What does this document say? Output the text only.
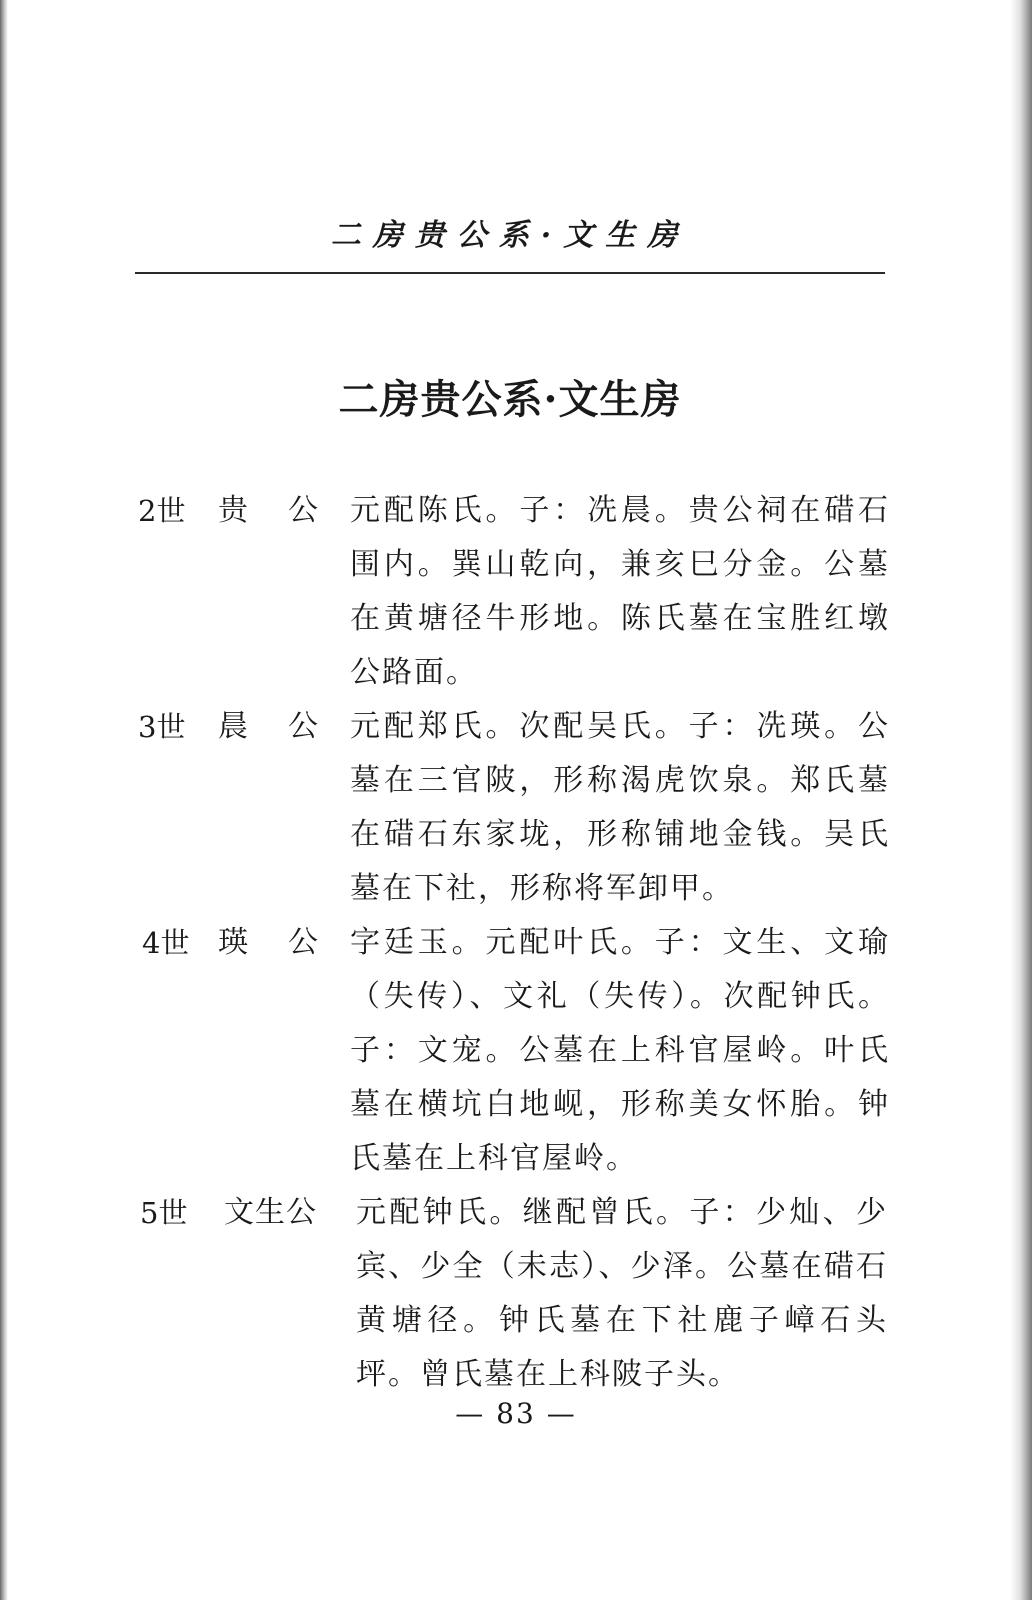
二房贵公系·文生房
二房贵公系·文生房
2世	贵公 元配陈氏。子：冼晨。贵公祠在碏石围内。巽山乾向，兼亥巳分金。公墓在黄塘径牛形地。陈氏墓在宝胜红墩公路面。
3世	晨公 元配郑氏。次配吴氏。子：冼瑛。公墓在三官陂，形称渴虎饮泉。郑氏墓在碏石东家垅，形称铺地金钱。吴氏墓在下社，形称将军卸甲。
4世 瑛公 字廷玉。元配叶氏。子：文生、文瑜（失传）、文礼（失传）。次配钟氏。子：文宠。公墓在上科官屋岭。叶氏墓在横坑白地岘，形称美女怀胎。钟氏墓在上科官屋岭。
5世	文生公 元配钟氏。继配曾氏。子：少灿、少宾、少全（未志）、少泽。公墓在碏石黄塘径。钟氏墓在下社鹿子嶂石头坪。曾氏墓在上科陂子头。
— 83 —
